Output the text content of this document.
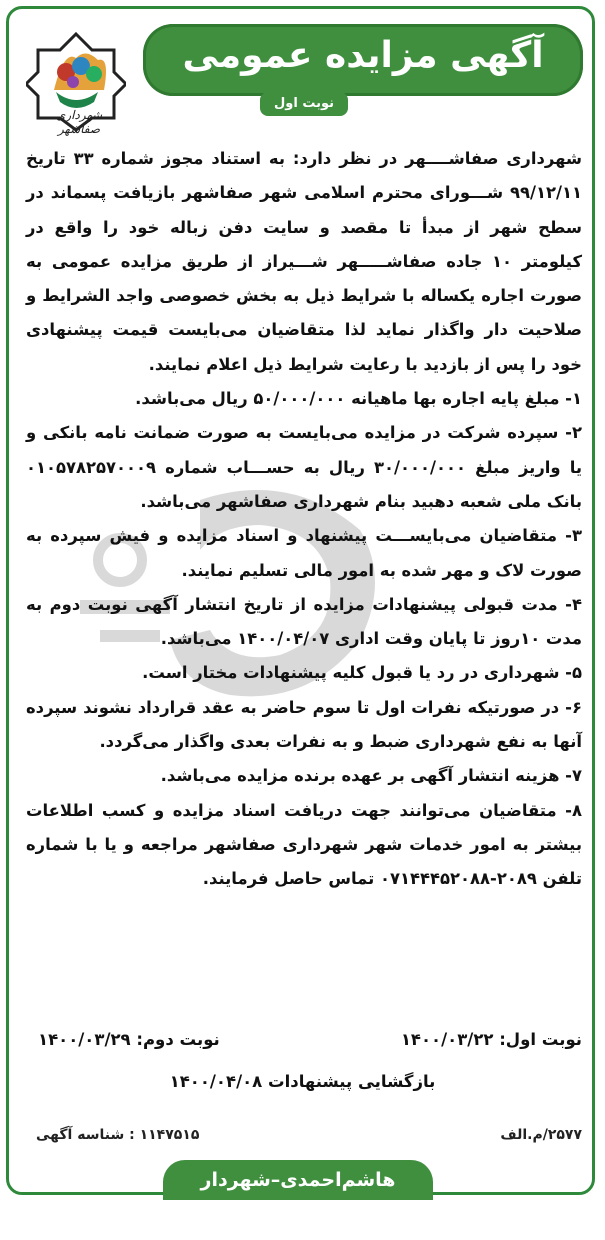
آگهی مزایده عمومی
نوبت اول
شهرداری صفاشهر

شهرداری صفاشــــهر در نظر دارد: به استناد مجوز شماره ۳۳ تاریخ ۹۹/۱۲/۱۱ شـــورای محترم اسلامی شهر صفاشهر بازیافت پسماند در سطح شهر از مبدأ تا مقصد و سایت دفن زباله خود را واقع در کیلومتر ۱۰ جاده صفاشـــــهر شـــیراز از طریق مزایده عمومی به صورت اجاره یکساله با شرایط ذیل به بخش خصوصی واجد الشرایط و صلاحیت دار واگذار نماید لذا متقاضیان می‌بایست قیمت پیشنهادی خود را پس از بازدید با رعایت شرایط ذیل اعلام نمایند.

۱- مبلغ پایه اجاره بها ماهیانه ۵۰/۰۰۰/۰۰۰ ریال می‌باشد.

۲- سپرده شرکت در مزایده می‌بایست به صورت ضمانت نامه بانکی و یا واریز مبلغ ۳۰/۰۰۰/۰۰۰ ریال به حســـاب شماره ۰۱۰۵۷۸۲۵۷۰۰۰۹ بانک ملی شعبه دهبید بنام شهرداری صفاشهر می‌باشد.

۳- متقاضیان می‌بایســـت پیشنهاد و اسناد مزایده و فیش سپرده به صورت لاک و مهر شده به امور مالی تسلیم نمایند.

۴- مدت قبولی پیشنهادات مزایده از تاریخ انتشار آگهی نوبت دوم به مدت ۱۰روز تا پایان وقت اداری ۱۴۰۰/۰۴/۰۷ می‌باشد.

۵- شهرداری در رد یا قبول کلیه پیشنهادات مختار است.

۶- در صورتیکه نفرات اول تا سوم حاضر به عقد قرارداد نشوند سپرده آنها به نفع شهرداری ضبط و به نفرات بعدی واگذار می‌گردد.

۷- هزینه انتشار آگهی بر عهده برنده مزایده می‌باشد.

۸- متقاضیان می‌توانند جهت دریافت اسناد مزایده و کسب اطلاعات بیشتر به امور خدمات شهر شهرداری صفاشهر مراجعه و یا با شماره تلفن ۲۰۸۹-۰۷۱۴۴۴۵۲۰۸۸ تماس حاصل فرمایند.

نوبت اول: ۱۴۰۰/۰۳/۲۲
نوبت دوم: ۱۴۰۰/۰۳/۲۹
بازگشایی پیشنهادات ۱۴۰۰/۰۴/۰۸
۲۵۷۷/م.الف
۱۱۴۷۵۱۵ : شناسه آگهی
هاشم‌احمدی–شهردار صفاشهر
